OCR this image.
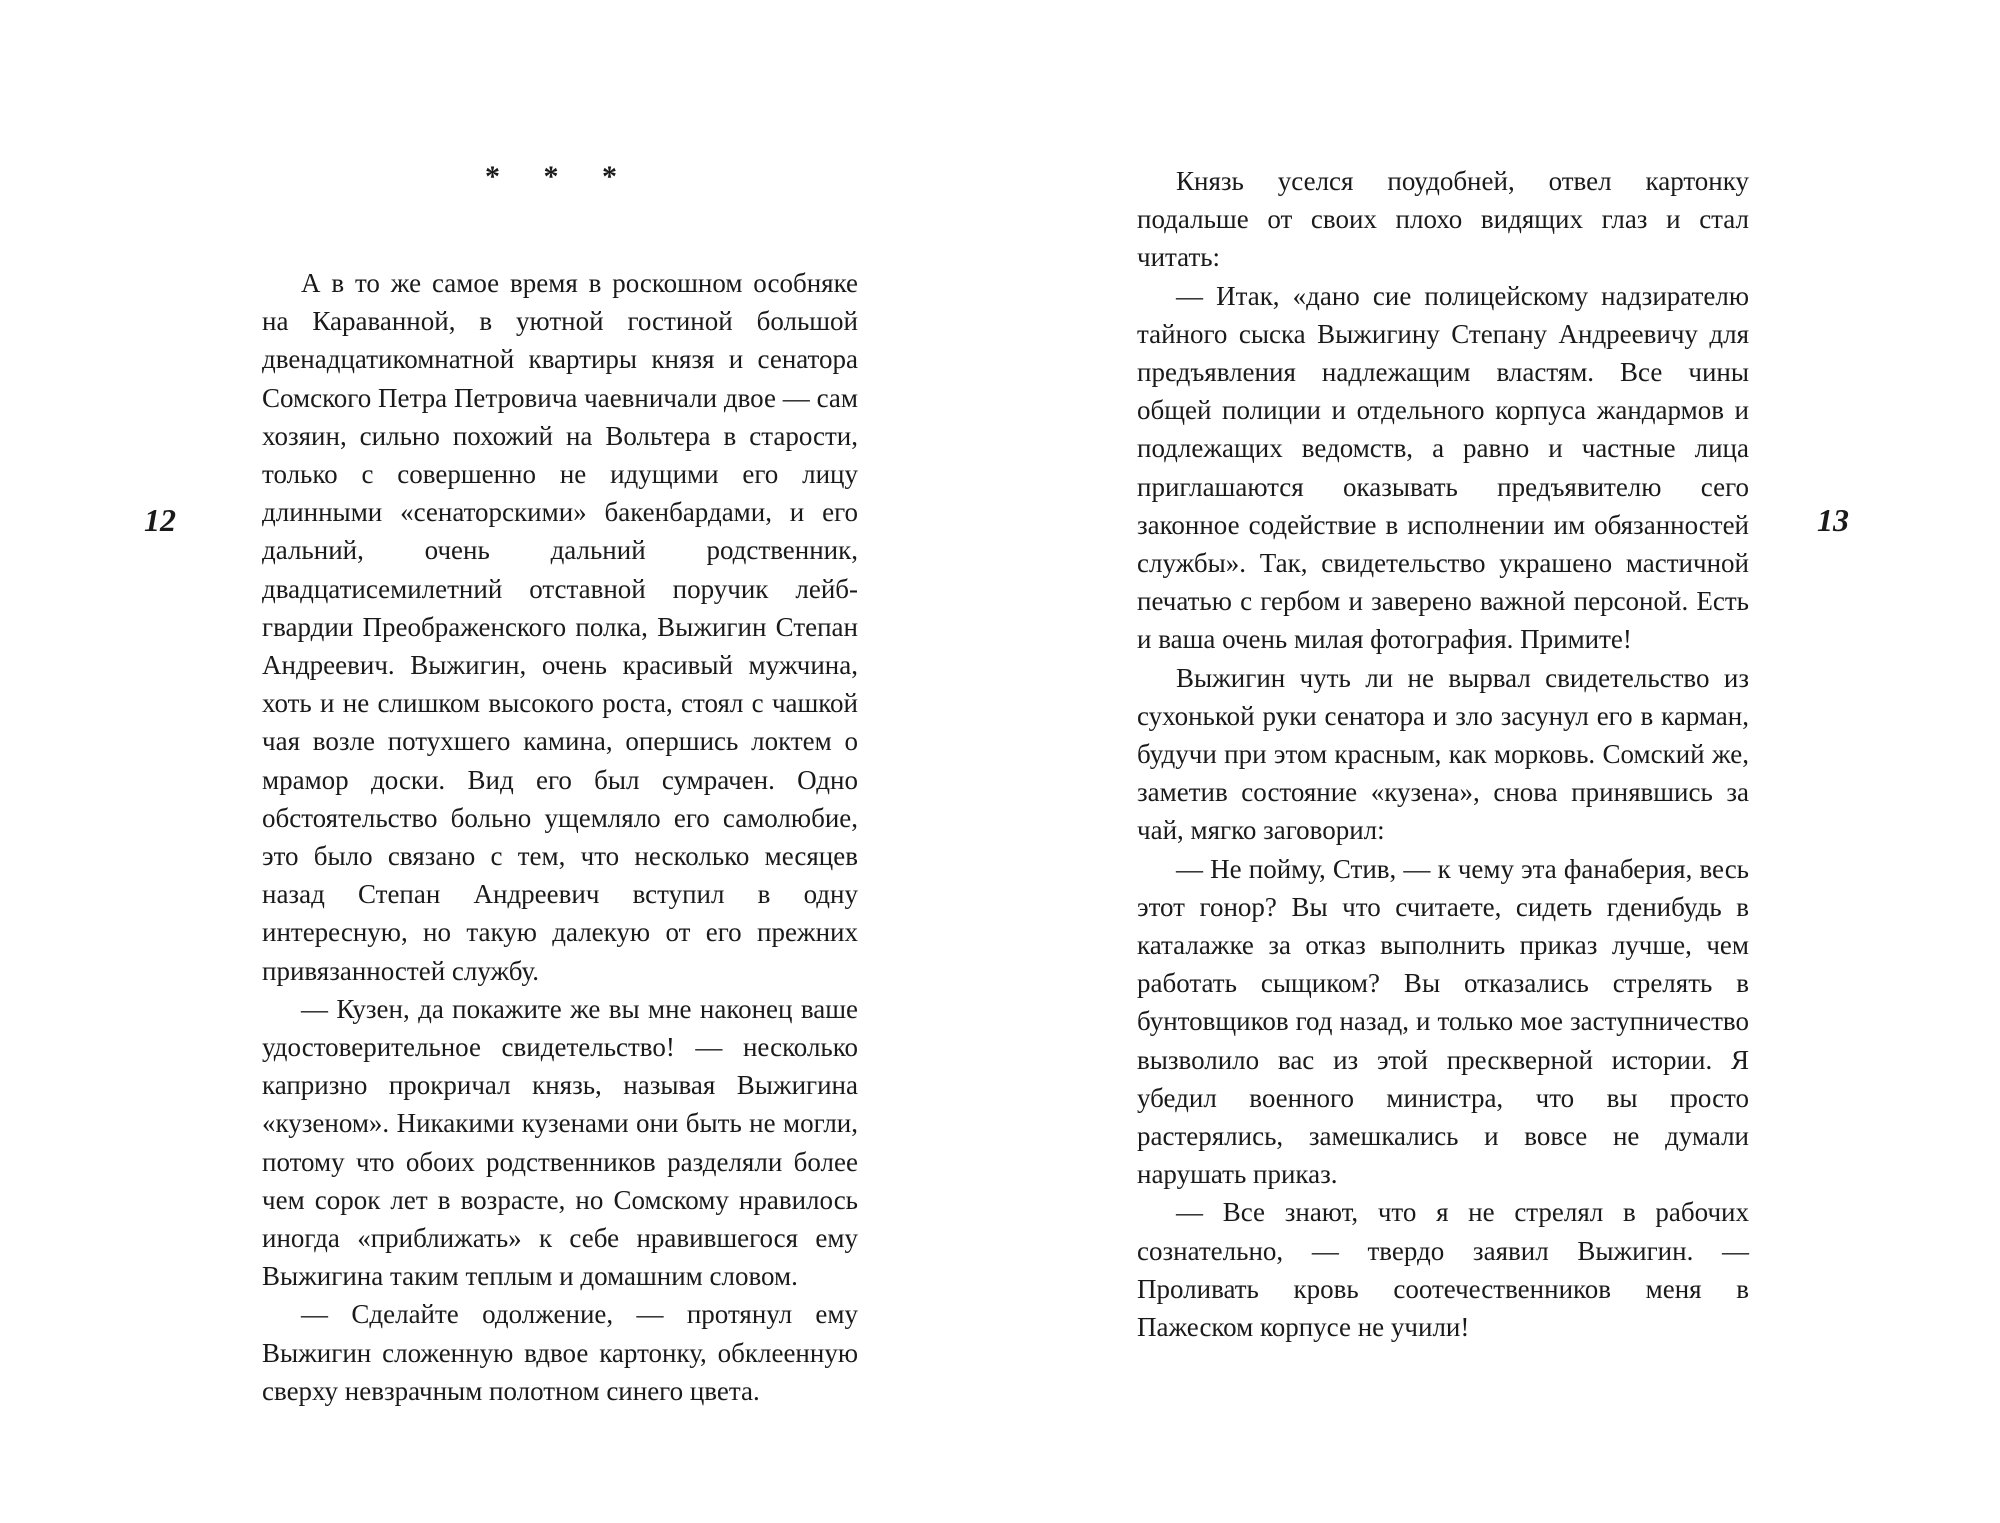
12
* * *

А в то же самое время в роскошном особняке на Караванной, в уютной гостиной большой двенадцатикомнатной квартиры князя и сенатора Сомского Петра Петровича чаевничали двое — сам хозяин, сильно похожий на Вольтера в старости, только с совершенно не идущими его лицу длинными «сенаторскими» бакенбардами, и его дальний, очень дальний родственник, двадцатисемилетний отставной поручик лейб-гвардии Преображенского полка, Выжигин Степан Андреевич. Выжигин, очень красивый мужчина, хоть и не слишком высокого роста, стоял с чашкой чая возле потухшего камина, опершись локтем о мрамор доски. Вид его был сумрачен. Одно обстоятельство больно ущемляло его самолюбие, это было связано с тем, что несколько месяцев назад Степан Андреевич вступил в одну интересную, но такую далекую от его прежних привязанностей службу.

— Кузен, да покажите же вы мне наконец ваше удостоверительное свидетельство! — несколько капризно прокричал князь, называя Выжигина «кузеном». Никакими кузенами они быть не могли, потому что обоих родственников разделяли более чем сорок лет в возрасте, но Сомскому нравилось иногда «приближать» к себе нравившегося ему Выжигина таким теплым и домашним словом.

— Сделайте одолжение, — протянул ему Выжигин сложенную вдвое картонку, обклеенную сверху невзрачным полотном синего цвета.

13

Князь уселся поудобней, отвел картонку подальше от своих плохо видящих глаз и стал читать:

— Итак, «дано сие полицейскому надзирателю тайного сыска Выжигину Степану Андреевичу для предъявления надлежащим властям. Все чины общей полиции и отдельного корпуса жандармов и подлежащих ведомств, а равно и частные лица приглашаются оказывать предъявителю сего законное содействие в исполнении им обязанностей службы». Так, свидетельство украшено мастичной печатью с гербом и заверено важной персоной. Есть и ваша очень милая фотография. Примите!

Выжигин чуть ли не вырвал свидетельство из сухонькой руки сенатора и зло засунул его в карман, будучи при этом красным, как морковь. Сомский же, заметив состояние «кузена», снова принявшись за чай, мягко заговорил:

— Не пойму, Стив, — к чему эта фанаберия, весь этот гонор? Вы что считаете, сидеть гденибудь в каталажке за отказ выполнить приказ лучше, чем работать сыщиком? Вы отказались стрелять в бунтовщиков год назад, и только мое заступничество вызволило вас из этой прескверной истории. Я убедил военного министра, что вы просто растерялись, замешкались и вовсе не думали нарушать приказ.

— Все знают, что я не стрелял в рабочих сознательно, — твердо заявил Выжигин. — Проливать кровь соотечественников меня в Пажеском корпусе не учили!
